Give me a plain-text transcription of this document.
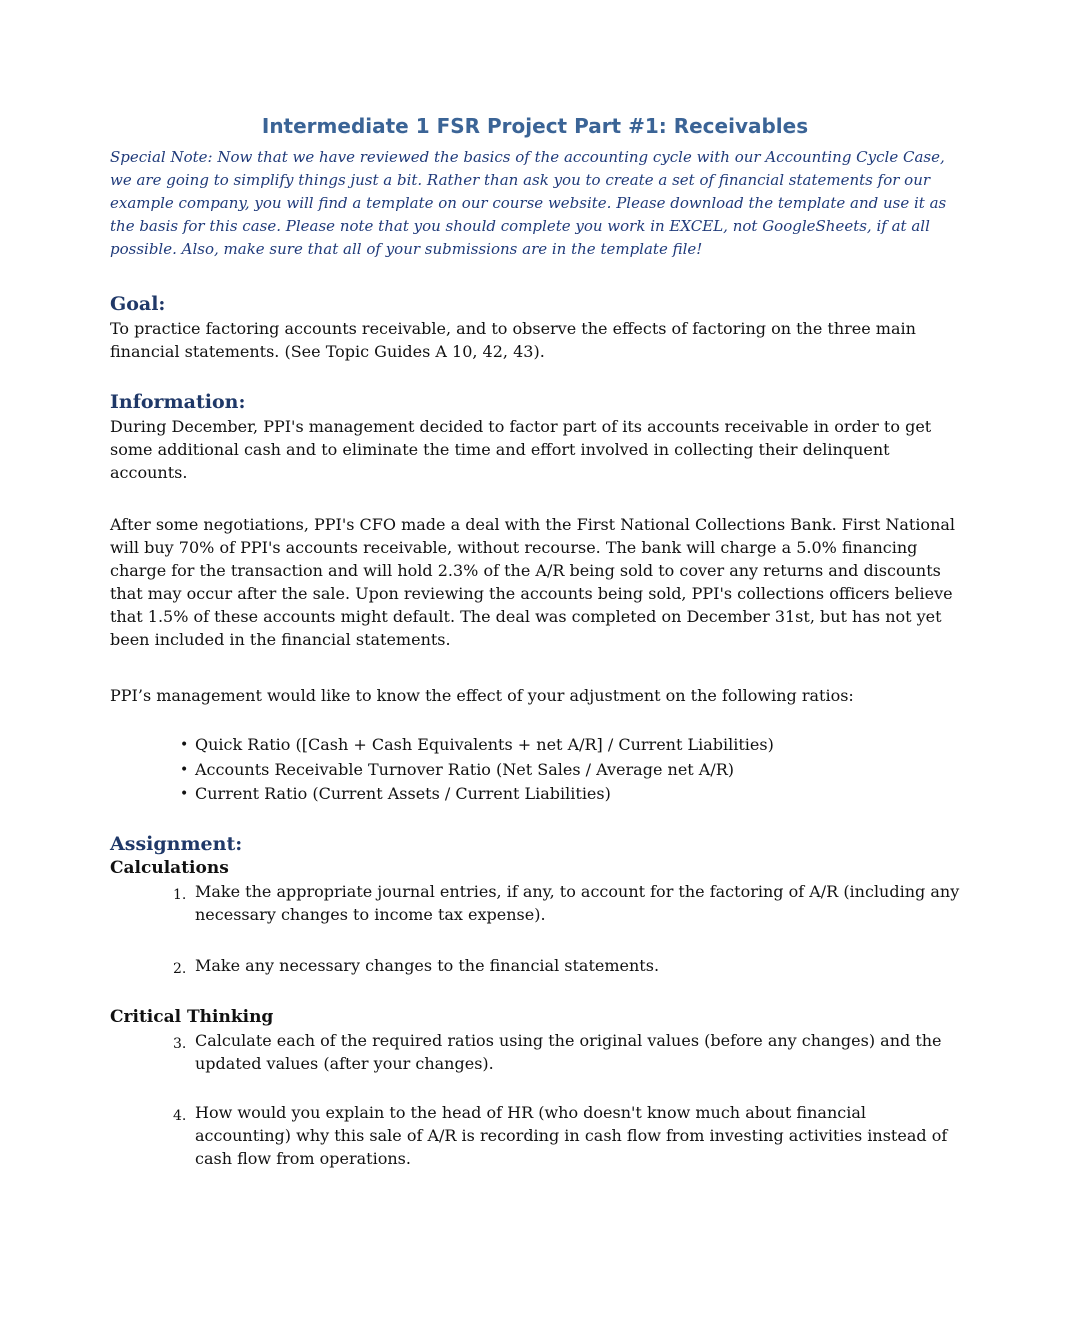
Intermediate 1 FSR Project Part #1: Receivables

Special Note: Now that we have reviewed the basics of the accounting cycle with our Accounting Cycle Case, we are going to simplify things just a bit. Rather than ask you to create a set of financial statements for our example company, you will find a template on our course website. Please download the template and use it as the basis for this case. Please note that you should complete you work in EXCEL, not GoogleSheets, if at all possible. Also, make sure that all of your submissions are in the template file!

Goal:

To practice factoring accounts receivable, and to observe the effects of factoring on the three main financial statements. (See Topic Guides A 10, 42, 43).

Information:

During December, PPI's management decided to factor part of its accounts receivable in order to get some additional cash and to eliminate the time and effort involved in collecting their delinquent accounts.

After some negotiations, PPI's CFO made a deal with the First National Collections Bank. First National will buy 70% of PPI's accounts receivable, without recourse. The bank will charge a 5.0% financing charge for the transaction and will hold 2.3% of the A/R being sold to cover any returns and discounts that may occur after the sale. Upon reviewing the accounts being sold, PPI's collections officers believe that 1.5% of these accounts might default. The deal was completed on December 31st, but has not yet been included in the financial statements.

PPI’s management would like to know the effect of your adjustment on the following ratios:

• Quick Ratio ([Cash + Cash Equivalents + net A/R] / Current Liabilities)
• Accounts Receivable Turnover Ratio (Net Sales / Average net A/R)
• Current Ratio (Current Assets / Current Liabilities)
Assignment:

Calculations

1. Make the appropriate journal entries, if any, to account for the factoring of A/R (including any necessary changes to income tax expense).

2. Make any necessary changes to the financial statements.

Critical Thinking

3. Calculate each of the required ratios using the original values (before any changes) and the updated values (after your changes).

4. How would you explain to the head of HR (who doesn't know much about financial accounting) why this sale of A/R is recording in cash flow from investing activities instead of cash flow from operations.
